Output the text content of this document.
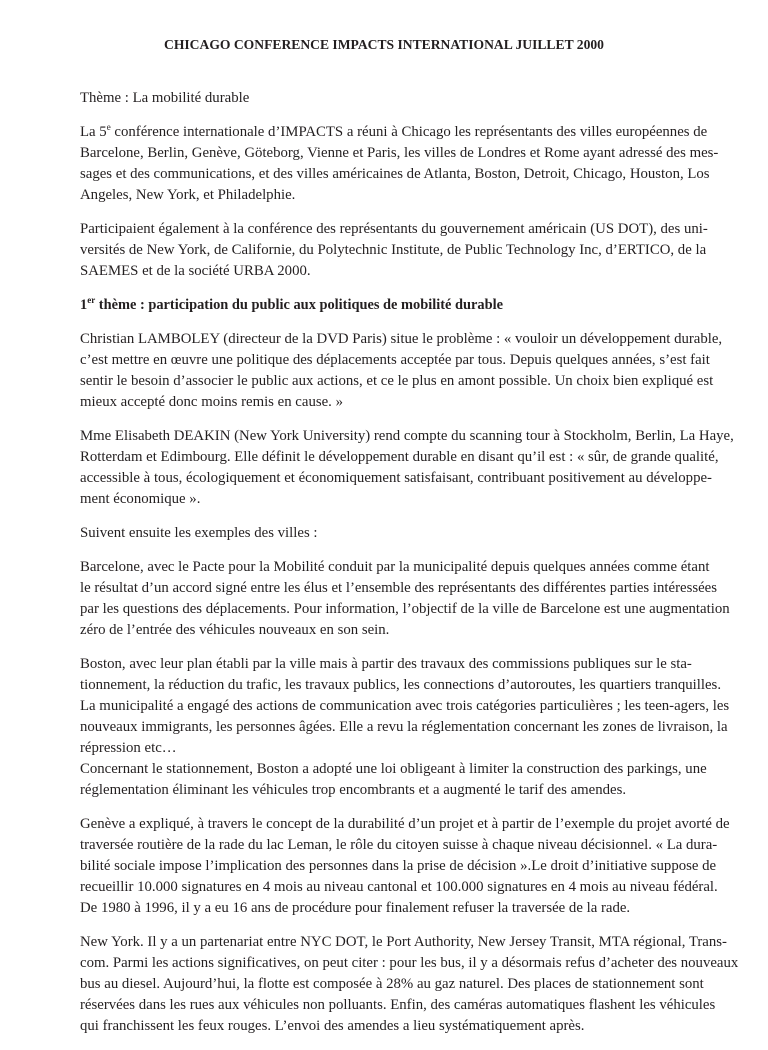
CHICAGO CONFERENCE IMPACTS INTERNATIONAL JUILLET 2000
Thème : La mobilité durable
La 5e conférence internationale d’IMPACTS a réuni à Chicago les représentants des villes européennes de
Barcelone, Berlin, Genève, Göteborg, Vienne et Paris, les villes de Londres et Rome ayant adressé des mes-
sages et des communications, et des villes américaines de Atlanta, Boston, Detroit, Chicago, Houston, Los
Angeles, New York, et Philadelphie.
Participaient également à la conférence des représentants du gouvernement américain (US DOT), des uni-
versités de New York, de Californie, du Polytechnic Institute, de Public Technology Inc, d’ERTICO, de la
SAEMES et de la société URBA 2000.
1er thème : participation du public aux politiques de mobilité durable
Christian LAMBOLEY (directeur de la DVD Paris) situe le problème : « vouloir un développement durable,
c’est mettre en œuvre une politique des déplacements acceptée par tous. Depuis quelques années, s’est fait
sentir le besoin d’associer le public aux actions, et ce le plus en amont possible. Un choix bien expliqué est
mieux accepté donc moins remis en cause. »
Mme Elisabeth DEAKIN (New York University) rend compte du scanning tour à Stockholm, Berlin, La Haye,
Rotterdam et Edimbourg. Elle définit le développement durable en disant qu’il est : « sûr, de grande qualité,
accessible à tous, écologiquement et économiquement satisfaisant, contribuant positivement au développe-
ment économique ».
Suivent ensuite les exemples des villes :
Barcelone, avec le Pacte pour la Mobilité conduit par la municipalité depuis quelques années comme étant
le résultat d’un accord signé entre les élus et l’ensemble des représentants des différentes parties intéressées
par les questions des déplacements. Pour information, l’objectif de la ville de Barcelone est une augmentation
zéro de l’entrée des véhicules nouveaux en son sein.
Boston, avec leur plan établi par la ville mais à partir des travaux des commissions publiques sur le sta-
tionnement, la réduction du trafic, les travaux publics, les connections d’autoroutes, les quartiers tranquilles.
La municipalité a engagé des actions de communication avec trois catégories particulières ; les teen-agers, les
nouveaux immigrants, les personnes âgées. Elle a revu la réglementation concernant les zones de livraison, la
répression etc…
Concernant le stationnement, Boston a adopté une loi obligeant à limiter la construction des parkings, une
réglementation éliminant les véhicules trop encombrants et a augmenté le tarif des amendes.
Genève a expliqué, à travers le concept de la durabilité d’un projet et à partir de l’exemple du projet avorté de
traversée routière de la rade du lac Leman, le rôle du citoyen suisse à chaque niveau décisionnel. « La dura-
bilité sociale impose l’implication des personnes dans la prise de décision ».Le droit d’initiative suppose de
recueillir 10.000 signatures en 4 mois au niveau cantonal et 100.000 signatures en 4 mois au niveau fédéral.
De 1980 à 1996, il y a eu 16 ans de procédure pour finalement refuser la traversée de la rade.
New York. Il y a un partenariat entre NYC DOT, le Port Authority, New Jersey Transit, MTA régional, Trans-
com. Parmi les actions significatives, on peut citer : pour les bus, il y a désormais refus d’acheter des nouveaux
bus au diesel. Aujourd’hui, la flotte est composée à 28% au gaz naturel. Des places de stationnement sont
réservées dans les rues aux véhicules non polluants. Enfin, des caméras automatiques flashent les véhicules
qui franchissent les feux rouges. L’envoi des amendes a lieu systématiquement après.
